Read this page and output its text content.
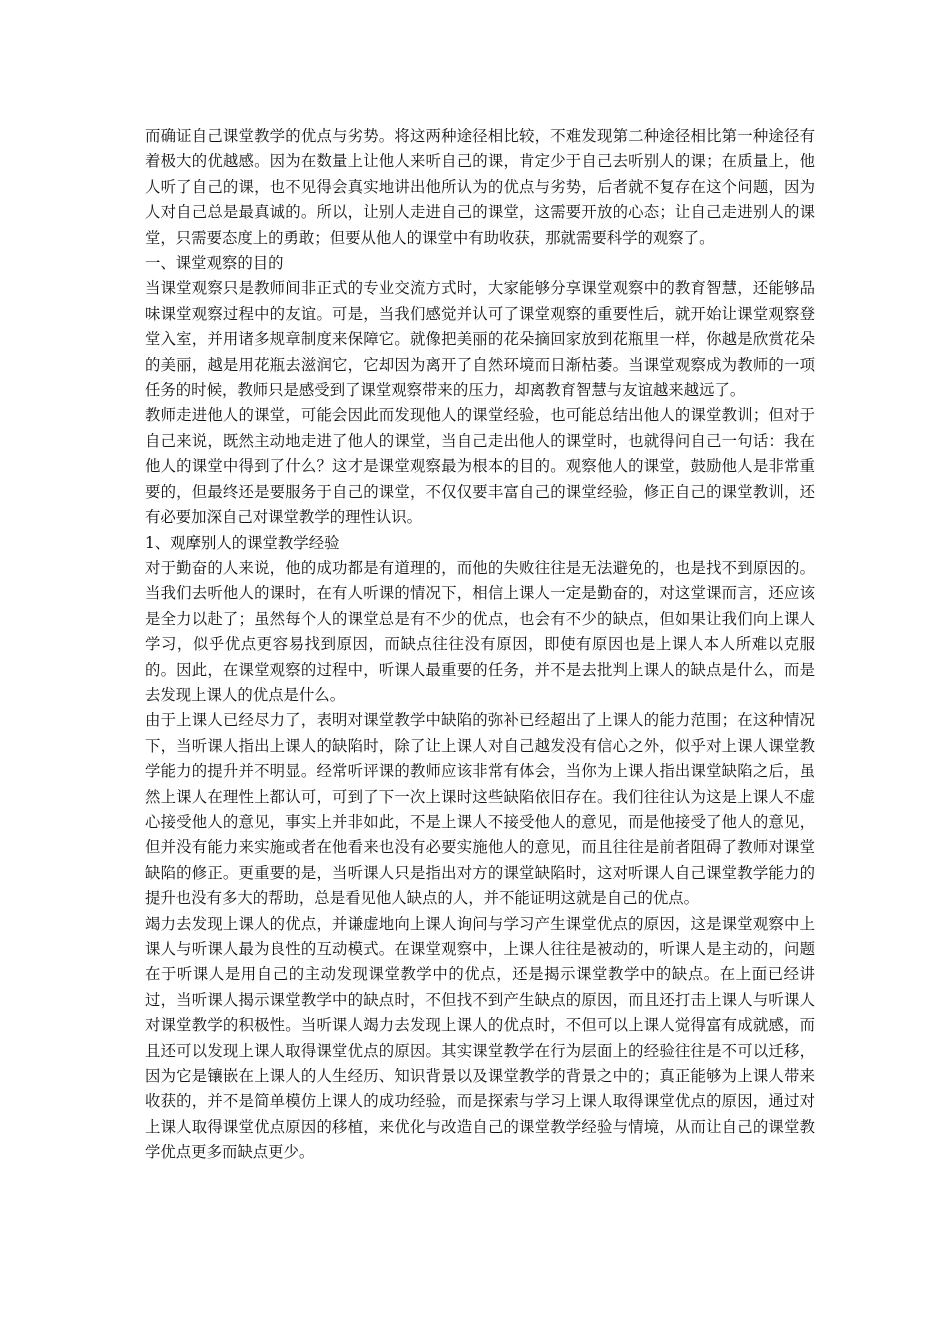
而确证自己课堂教学的优点与劣势。将这两种途径相比较，不难发现第二种途径相比第一种途径有着极大的优越感。因为在数量上让他人来听自己的课，肯定少于自己去听别人的课；在质量上，他人听了自己的课，也不见得会真实地讲出他所认为的优点与劣势，后者就不复存在这个问题，因为人对自己总是最真诚的。所以，让别人走进自己的课堂，这需要开放的心态；让自己走进别人的课堂，只需要态度上的勇敢；但要从他人的课堂中有助收获，那就需要科学的观察了。

一、课堂观察的目的

当课堂观察只是教师间非正式的专业交流方式时，大家能够分享课堂观察中的教育智慧，还能够品味课堂观察过程中的友谊。可是，当我们感觉并认可了课堂观察的重要性后，就开始让课堂观察登堂入室，并用诸多规章制度来保障它。就像把美丽的花朵摘回家放到花瓶里一样，你越是欣赏花朵的美丽，越是用花瓶去滋润它，它却因为离开了自然环境而日渐枯萎。当课堂观察成为教师的一项任务的时候，教师只是感受到了课堂观察带来的压力，却离教育智慧与友谊越来越远了。

教师走进他人的课堂，可能会因此而发现他人的课堂经验，也可能总结出他人的课堂教训；但对于自己来说，既然主动地走进了他人的课堂，当自己走出他人的课堂时，也就得问自己一句话：我在他人的课堂中得到了什么？这才是课堂观察最为根本的目的。观察他人的课堂，鼓励他人是非常重要的，但最终还是要服务于自己的课堂，不仅仅要丰富自己的课堂经验，修正自己的课堂教训，还有必要加深自己对课堂教学的理性认识。

1、观摩别人的课堂教学经验

对于勤奋的人来说，他的成功都是有道理的，而他的失败往往是无法避免的，也是找不到原因的。当我们去听他人的课时，在有人听课的情况下，相信上课人一定是勤奋的，对这堂课而言，还应该是全力以赴了；虽然每个人的课堂总是有不少的优点，也会有不少的缺点，但如果让我们向上课人学习，似乎优点更容易找到原因，而缺点往往没有原因，即使有原因也是上课人本人所难以克服的。因此，在课堂观察的过程中，听课人最重要的任务，并不是去批判上课人的缺点是什么，而是去发现上课人的优点是什么。

由于上课人已经尽力了，表明对课堂教学中缺陷的弥补已经超出了上课人的能力范围；在这种情况下，当听课人指出上课人的缺陷时，除了让上课人对自己越发没有信心之外，似乎对上课人课堂教学能力的提升并不明显。经常听评课的教师应该非常有体会，当你为上课人指出课堂缺陷之后，虽然上课人在理性上都认可，可到了下一次上课时这些缺陷依旧存在。我们往往认为这是上课人不虚心接受他人的意见，事实上并非如此，不是上课人不接受他人的意见，而是他接受了他人的意见，但并没有能力来实施或者在他看来也没有必要实施他人的意见，而且往往是前者阻碍了教师对课堂缺陷的修正。更重要的是，当听课人只是指出对方的课堂缺陷时，这对听课人自己课堂教学能力的提升也没有多大的帮助，总是看见他人缺点的人，并不能证明这就是自己的优点。

竭力去发现上课人的优点，并谦虚地向上课人询问与学习产生课堂优点的原因，这是课堂观察中上课人与听课人最为良性的互动模式。在课堂观察中，上课人往往是被动的，听课人是主动的，问题在于听课人是用自己的主动发现课堂教学中的优点，还是揭示课堂教学中的缺点。在上面已经讲过，当听课人揭示课堂教学中的缺点时，不但找不到产生缺点的原因，而且还打击上课人与听课人对课堂教学的积极性。当听课人竭力去发现上课人的优点时，不但可以上课人觉得富有成就感，而且还可以发现上课人取得课堂优点的原因。其实课堂教学在行为层面上的经验往往是不可以迁移，因为它是镶嵌在上课人的人生经历、知识背景以及课堂教学的背景之中的；真正能够为上课人带来收获的，并不是简单模仿上课人的成功经验，而是探索与学习上课人取得课堂优点的原因，通过对上课人取得课堂优点原因的移植，来优化与改造自己的课堂教学经验与情境，从而让自己的课堂教学优点更多而缺点更少。
